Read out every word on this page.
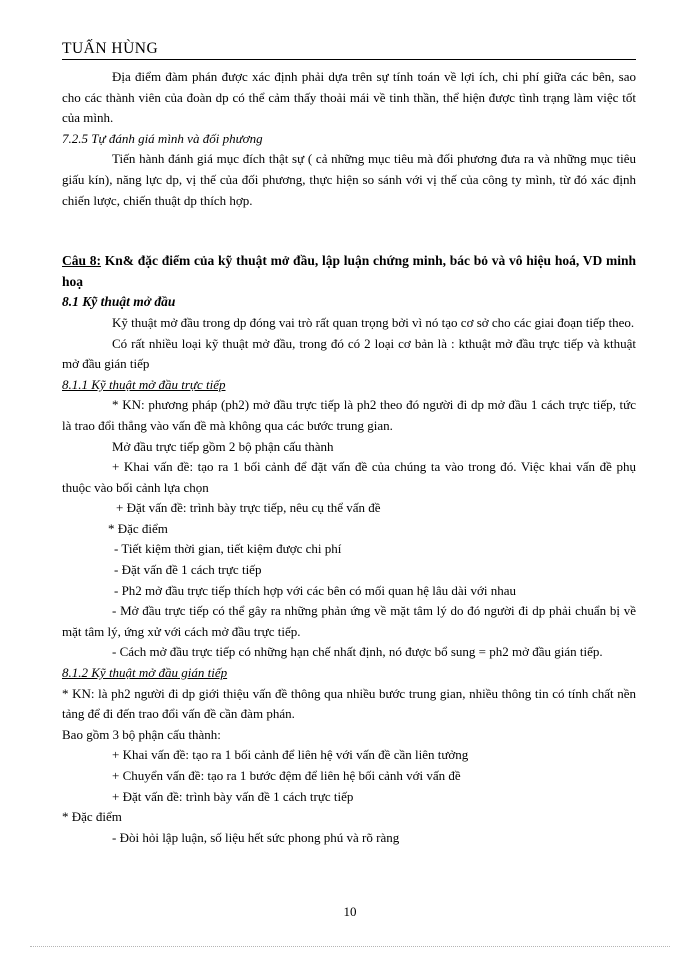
TUẤN HÙNG

Địa điểm đàm phán được xác định phải dựa trên sự tính toán về lợi ích, chi phí giữa các bên, sao cho các thành viên của đoàn dp có thể cảm thấy thoải mái về tinh thần, thể hiện được tình trạng làm việc tốt của mình.

7.2.5 Tự đánh giá mình và đối phương

Tiến hành đánh giá mục đích thật sự ( cả những mục tiêu mà đối phương đưa ra và những mục tiêu giấu kín), năng lực dp, vị thế của đối phương, thực hiện so sánh với vị thế của công ty mình, từ đó xác định chiến lược, chiến thuật dp thích hợp.

Câu 8: Kn& đặc điểm của kỹ thuật mở đầu, lập luận chứng minh, bác bỏ và vô hiệu hoá, VD minh hoạ

8.1 Kỹ thuật mở đầu

Kỹ thuật mở đầu trong dp đóng vai trò rất quan trọng bởi vì nó tạo cơ sở cho các giai đoạn tiếp theo.

Có rất nhiều loại kỹ thuật mở đầu, trong đó có 2 loại cơ bản là : kthuật mở đầu trực tiếp và kthuật mở đầu gián tiếp

8.1.1 Kỹ thuật mở đầu trực tiếp

* KN: phương pháp (ph2) mở đầu trực tiếp là ph2 theo đó người đi dp mở đầu 1 cách trực tiếp, tức là trao đổi thẳng vào vấn đề mà không qua các bước trung gian.

Mở đầu trực tiếp gồm 2 bộ phận cấu thành

+ Khai vấn đề: tạo ra 1 bối cảnh để đặt vấn đề của chúng ta vào trong đó. Việc khai vấn đề phụ thuộc vào bối cảnh lựa chọn

+ Đặt vấn đề: trình bày trực tiếp, nêu cụ thể vấn đề

* Đặc điểm

- Tiết kiệm thời gian, tiết kiệm được chi phí

- Đặt vấn đề 1 cách trực tiếp

- Ph2 mở đầu trực tiếp thích hợp với các bên có mối quan hệ lâu dài với nhau

- Mở đầu trực tiếp có thể gây ra những phản ứng về mặt tâm lý do đó người đi dp phải chuẩn bị về mặt tâm lý, ứng xử với cách mở đầu trực tiếp.

- Cách mở đầu trực tiếp có những hạn chế nhất định, nó được bổ sung = ph2 mở đầu gián tiếp.

8.1.2 Kỹ thuật mở đầu gián tiếp

* KN: là ph2 người đi dp giới thiệu vấn đề thông qua nhiều bước trung gian, nhiều thông tin có tính chất nền tảng để đi đến trao đổi vấn đề cần đàm phán.

Bao gồm 3 bộ phận cấu thành:

+ Khai vấn đề: tạo ra 1 bối cảnh để liên hệ với vấn đề cần liên tưởng

+ Chuyển vấn đề: tạo ra 1 bước đệm để liên hệ bối cảnh với vấn đề

+ Đặt vấn đề: trình bày vấn đề 1 cách trực tiếp

* Đặc điểm

- Đòi hỏi lập luận, số liệu hết sức phong phú và rõ ràng

10
